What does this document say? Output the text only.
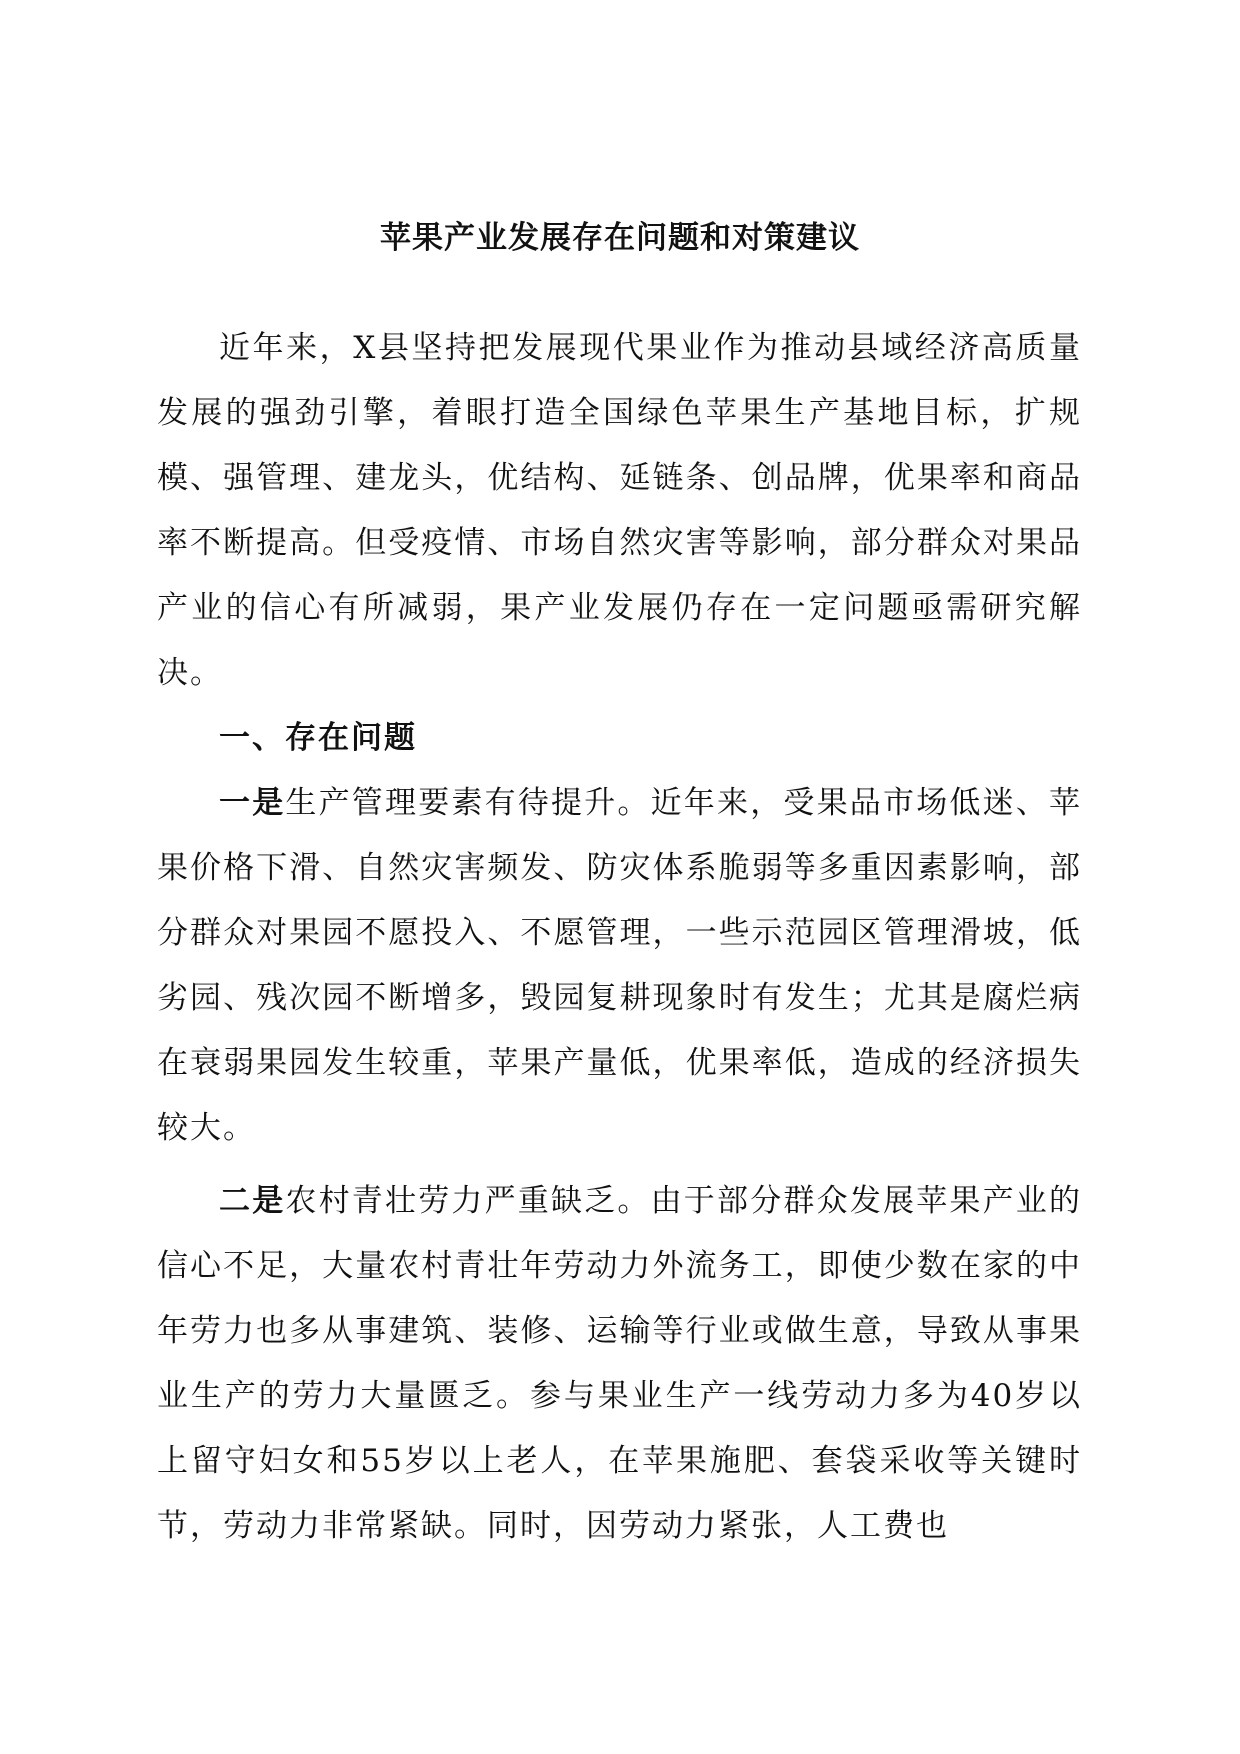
苹果产业发展存在问题和对策建议

近年来，X县坚持把发展现代果业作为推动县域经济高质量发展的强劲引擎，着眼打造全国绿色苹果生产基地目标，扩规模、强管理、建龙头，优结构、延链条、创品牌，优果率和商品率不断提高。但受疫情、市场自然灾害等影响，部分群众对果品产业的信心有所减弱，果产业发展仍存在一定问题亟需研究解决。

一、存在问题

一是生产管理要素有待提升。近年来，受果品市场低迷、苹果价格下滑、自然灾害频发、防灾体系脆弱等多重因素影响，部分群众对果园不愿投入、不愿管理，一些示范园区管理滑坡，低劣园、残次园不断增多，毁园复耕现象时有发生；尤其是腐烂病在衰弱果园发生较重，苹果产量低，优果率低，造成的经济损失较大。

二是农村青壮劳力严重缺乏。由于部分群众发展苹果产业的信心不足，大量农村青壮年劳动力外流务工，即使少数在家的中年劳力也多从事建筑、装修、运输等行业或做生意，导致从事果业生产的劳力大量匮乏。参与果业生产一线劳动力多为40岁以上留守妇女和55岁以上老人，在苹果施肥、套袋采收等关键时节，劳动力非常紧缺。同时，因劳动力紧张，人工费也
